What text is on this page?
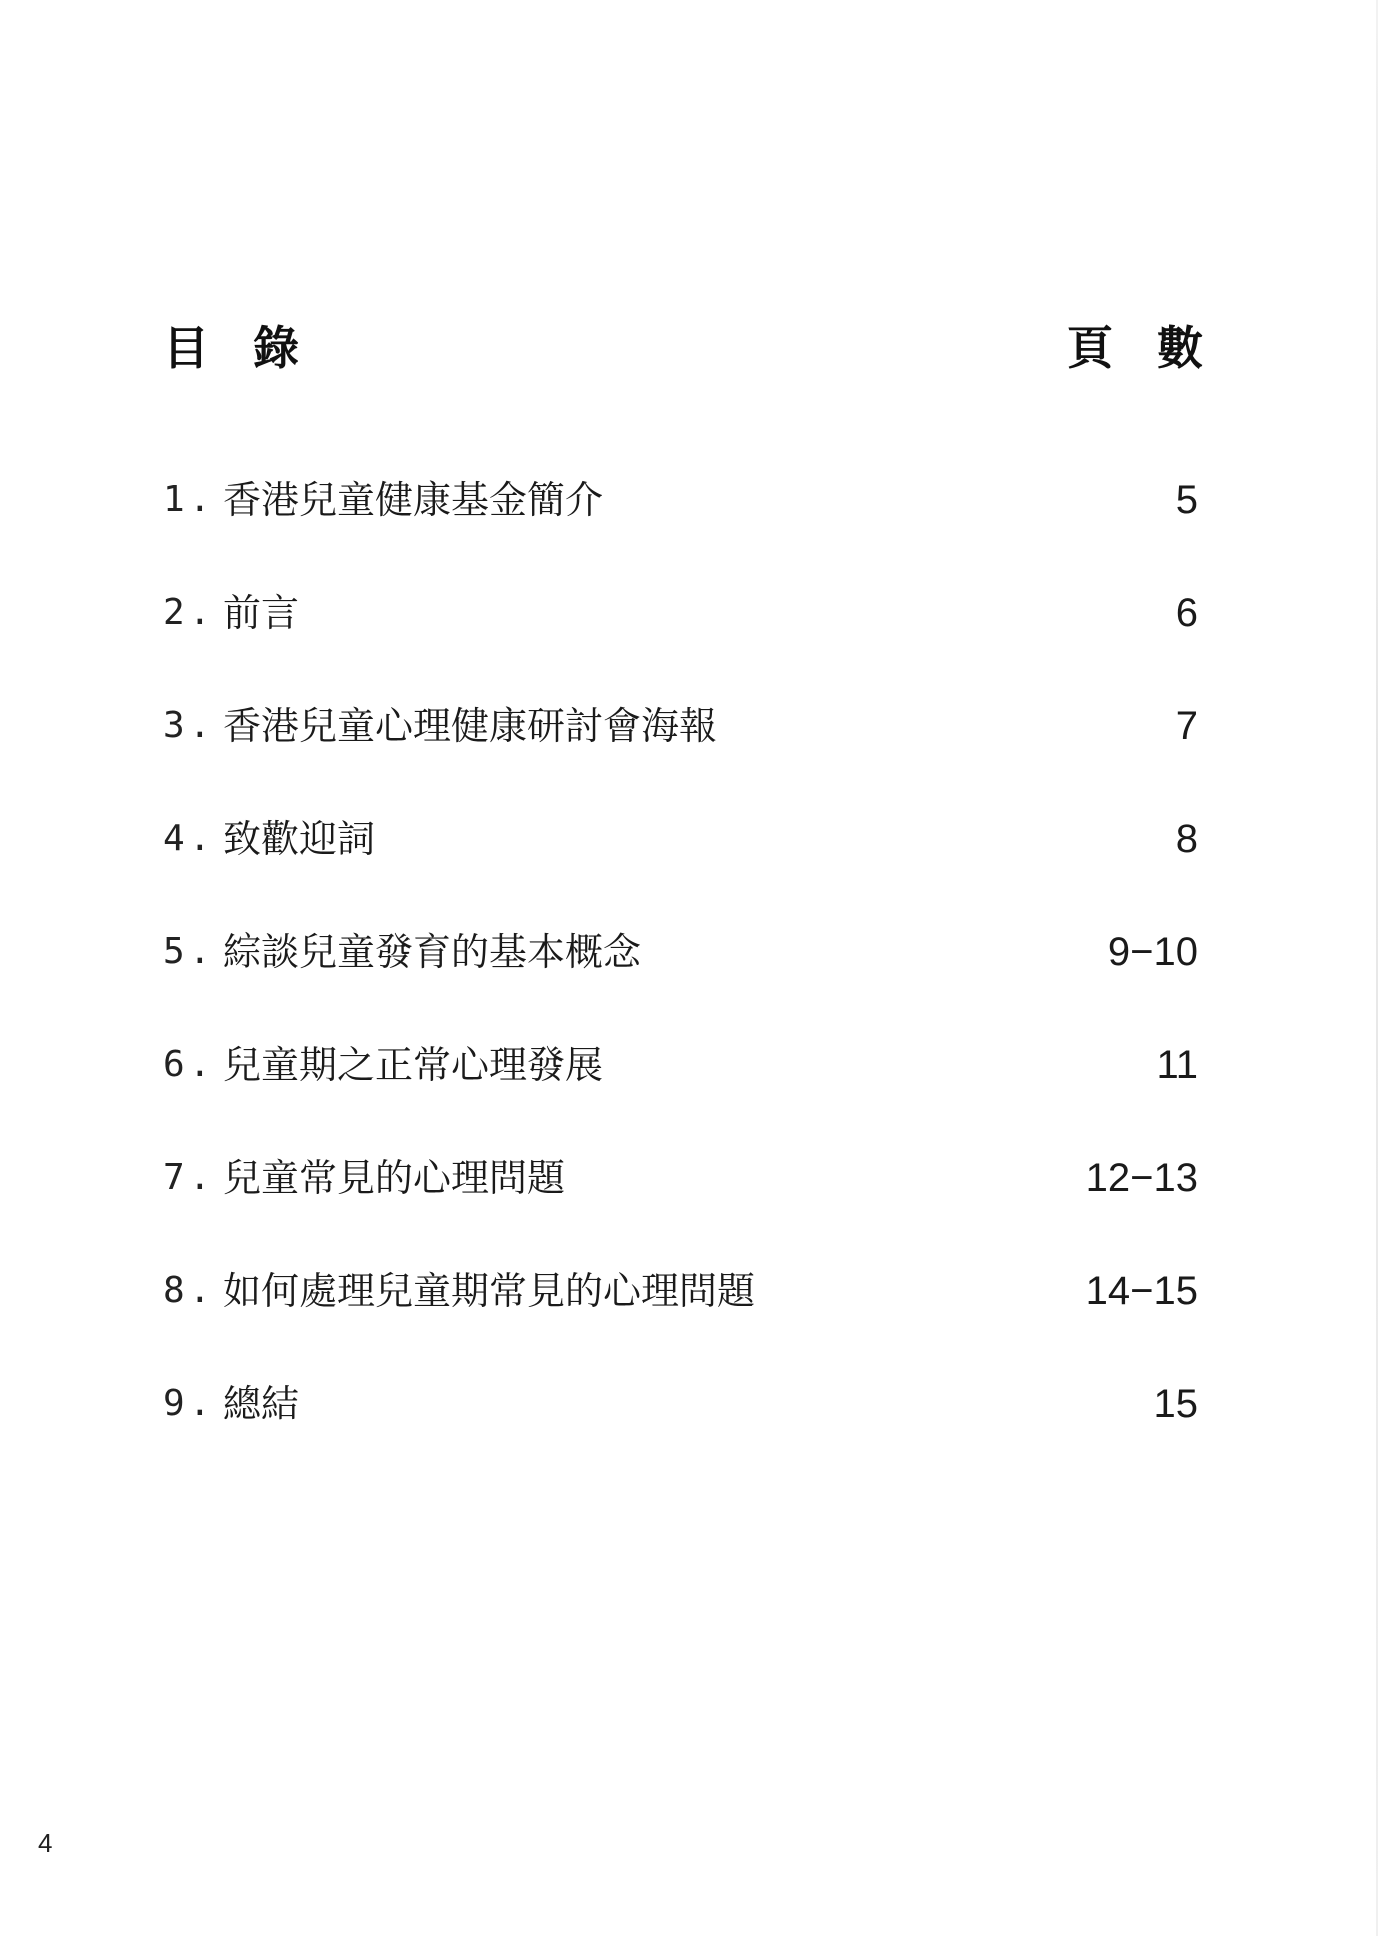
目錄	頁數
1 . 香港兒童健康基金簡介	5
2 . 前言	6
3 . 香港兒童心理健康研討會海報	7
4 . 致歡迎詞	8
5 . 綜談兒童發育的基本概念	9−10
6 . 兒童期之正常心理發展	11
7 . 兒童常見的心理問題	12−13
8 . 如何處理兒童期常見的心理問題	14−15
9 . 總結	15
4
